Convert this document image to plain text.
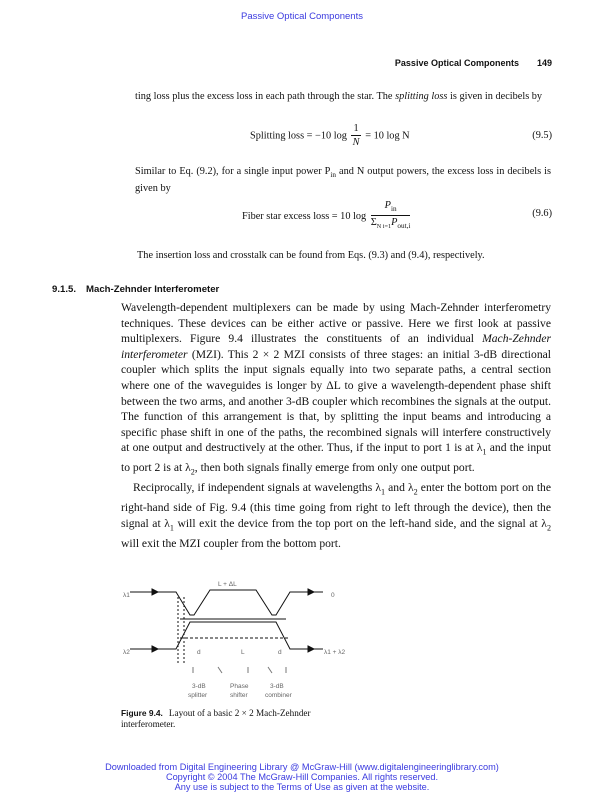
Passive Optical Components
Passive Optical Components 149
ting loss plus the excess loss in each path through the star. The splitting loss is given in decibels by
Splitting loss = −10 $\log \frac{1}{N} = 10$ log N	(9.5)
Similar to Eq. (9.2), for a single input power $P_{in}$ and N output powers, the excess loss in decibels is given by
Fiber star excess loss = 10 $\log \frac{P_{in}}{\Sigma_{N i=1}P_{out,i}}$	(9.6)
The insertion loss and crosstalk can be found from Eqs. (9.3) and (9.4), respectively.
9.1.5. Mach-Zehnder Interferometer

Wavelength-dependent multiplexers can be made by using Mach-Zehnder interferometry techniques. These devices can be either active or passive. Here we first look at passive multiplexers. Figure 9.4 illustrates the constituents of an individual Mach-Zehnder interferometer (MZI). This 2 × 2 MZI consists of three stages: an initial 3-dB directional coupler which splits the input signals equally into two separate paths, a central section where one of the waveguides is longer by ΔL to give a wavelength-dependent phase shift between the two arms, and another 3-dB coupler which recombines the signals at the output. The function of this arrangement is that, by splitting the input beams and introducing a specific phase shift in one of the paths, the recombined signals will interfere constructively at one output and destructively at the other. Thus, if the input to port 1 is at $\lambda_1$ and the input to port 2 is at $\lambda_2$, then both signals finally emerge from only one output port.

Reciprocally, if independent signals at wavelengths $\lambda_1$ and $\lambda_2$ enter the bottom port on the right-hand side of Fig. 9.4 (this time going from right to left through the device), then the signal at $\lambda_1$ will exit the device from the top port on the left-hand side, and the signal at $\lambda_2$ will exit the MZI coupler from the bottom port.

L + ΔL
λ1
λ2
0
λ1 + λ2
d	L	d
3-dB
splitter
Phase
shifter
3-dB
combiner
Figure 9.4. Layout of a basic 2 × 2 Mach-Zehnder interferometer.
Downloaded from Digital Engineering Library @ McGraw-Hill (www.digitalengineeringlibrary.com)
Copyright © 2004 The McGraw-Hill Companies. All rights reserved.
Any use is subject to the Terms of Use as given at the website.
